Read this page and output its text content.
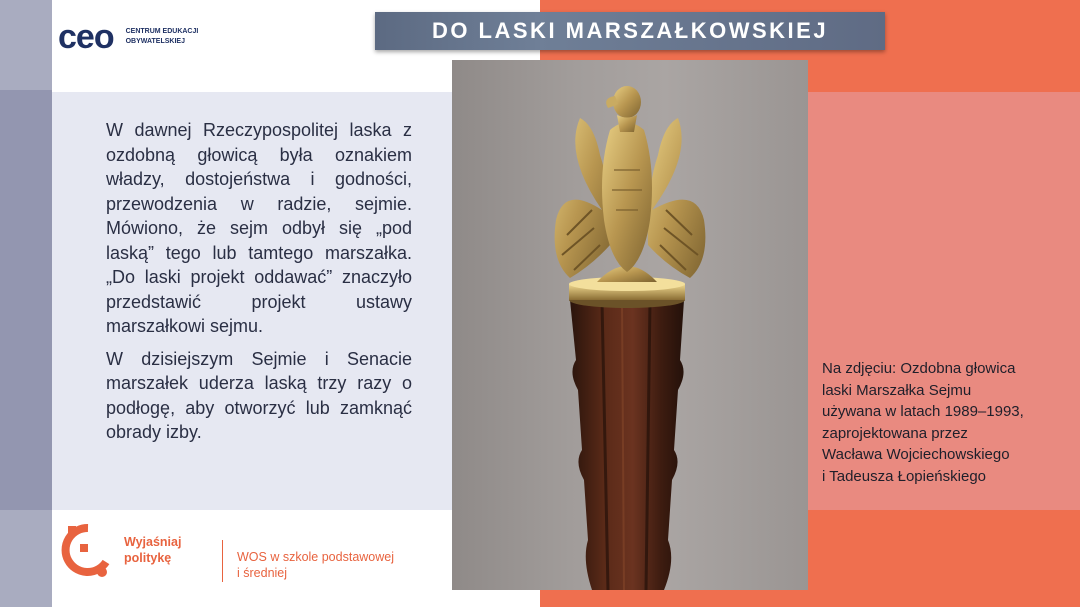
ceo CENTRUM EDUKACJI
OBYWATELSKIEJ	DO LASKI MARSZAŁKOWSKIEJ

W dawnej Rzeczypospolitej laska z ozdobną głowicą była oznakiem władzy, dostojeństwa i godności, przewodzenia w radzie, sejmie. Mówiono, że sejm odbył się „pod laską” tego lub tamtego marszałka. „Do laski projekt oddawać” znaczyło przedstawić projekt ustawy marszałkowi sejmu.

W dzisiejszym Sejmie i Senacie marszałek uderza laską trzy razy o podłogę, aby otworzyć lub zamknąć obrady izby.

Na zdjęciu: Ozdobna głowica
laski Marszałka Sejmu
używana w latach 1989–1993,
zaprojektowana przez
Wacława Wojciechowskiego
i Tadeusza Łopieńskiego
Wyjaśniaj
politykę	WOS w szkole podstawowej
i średniej
